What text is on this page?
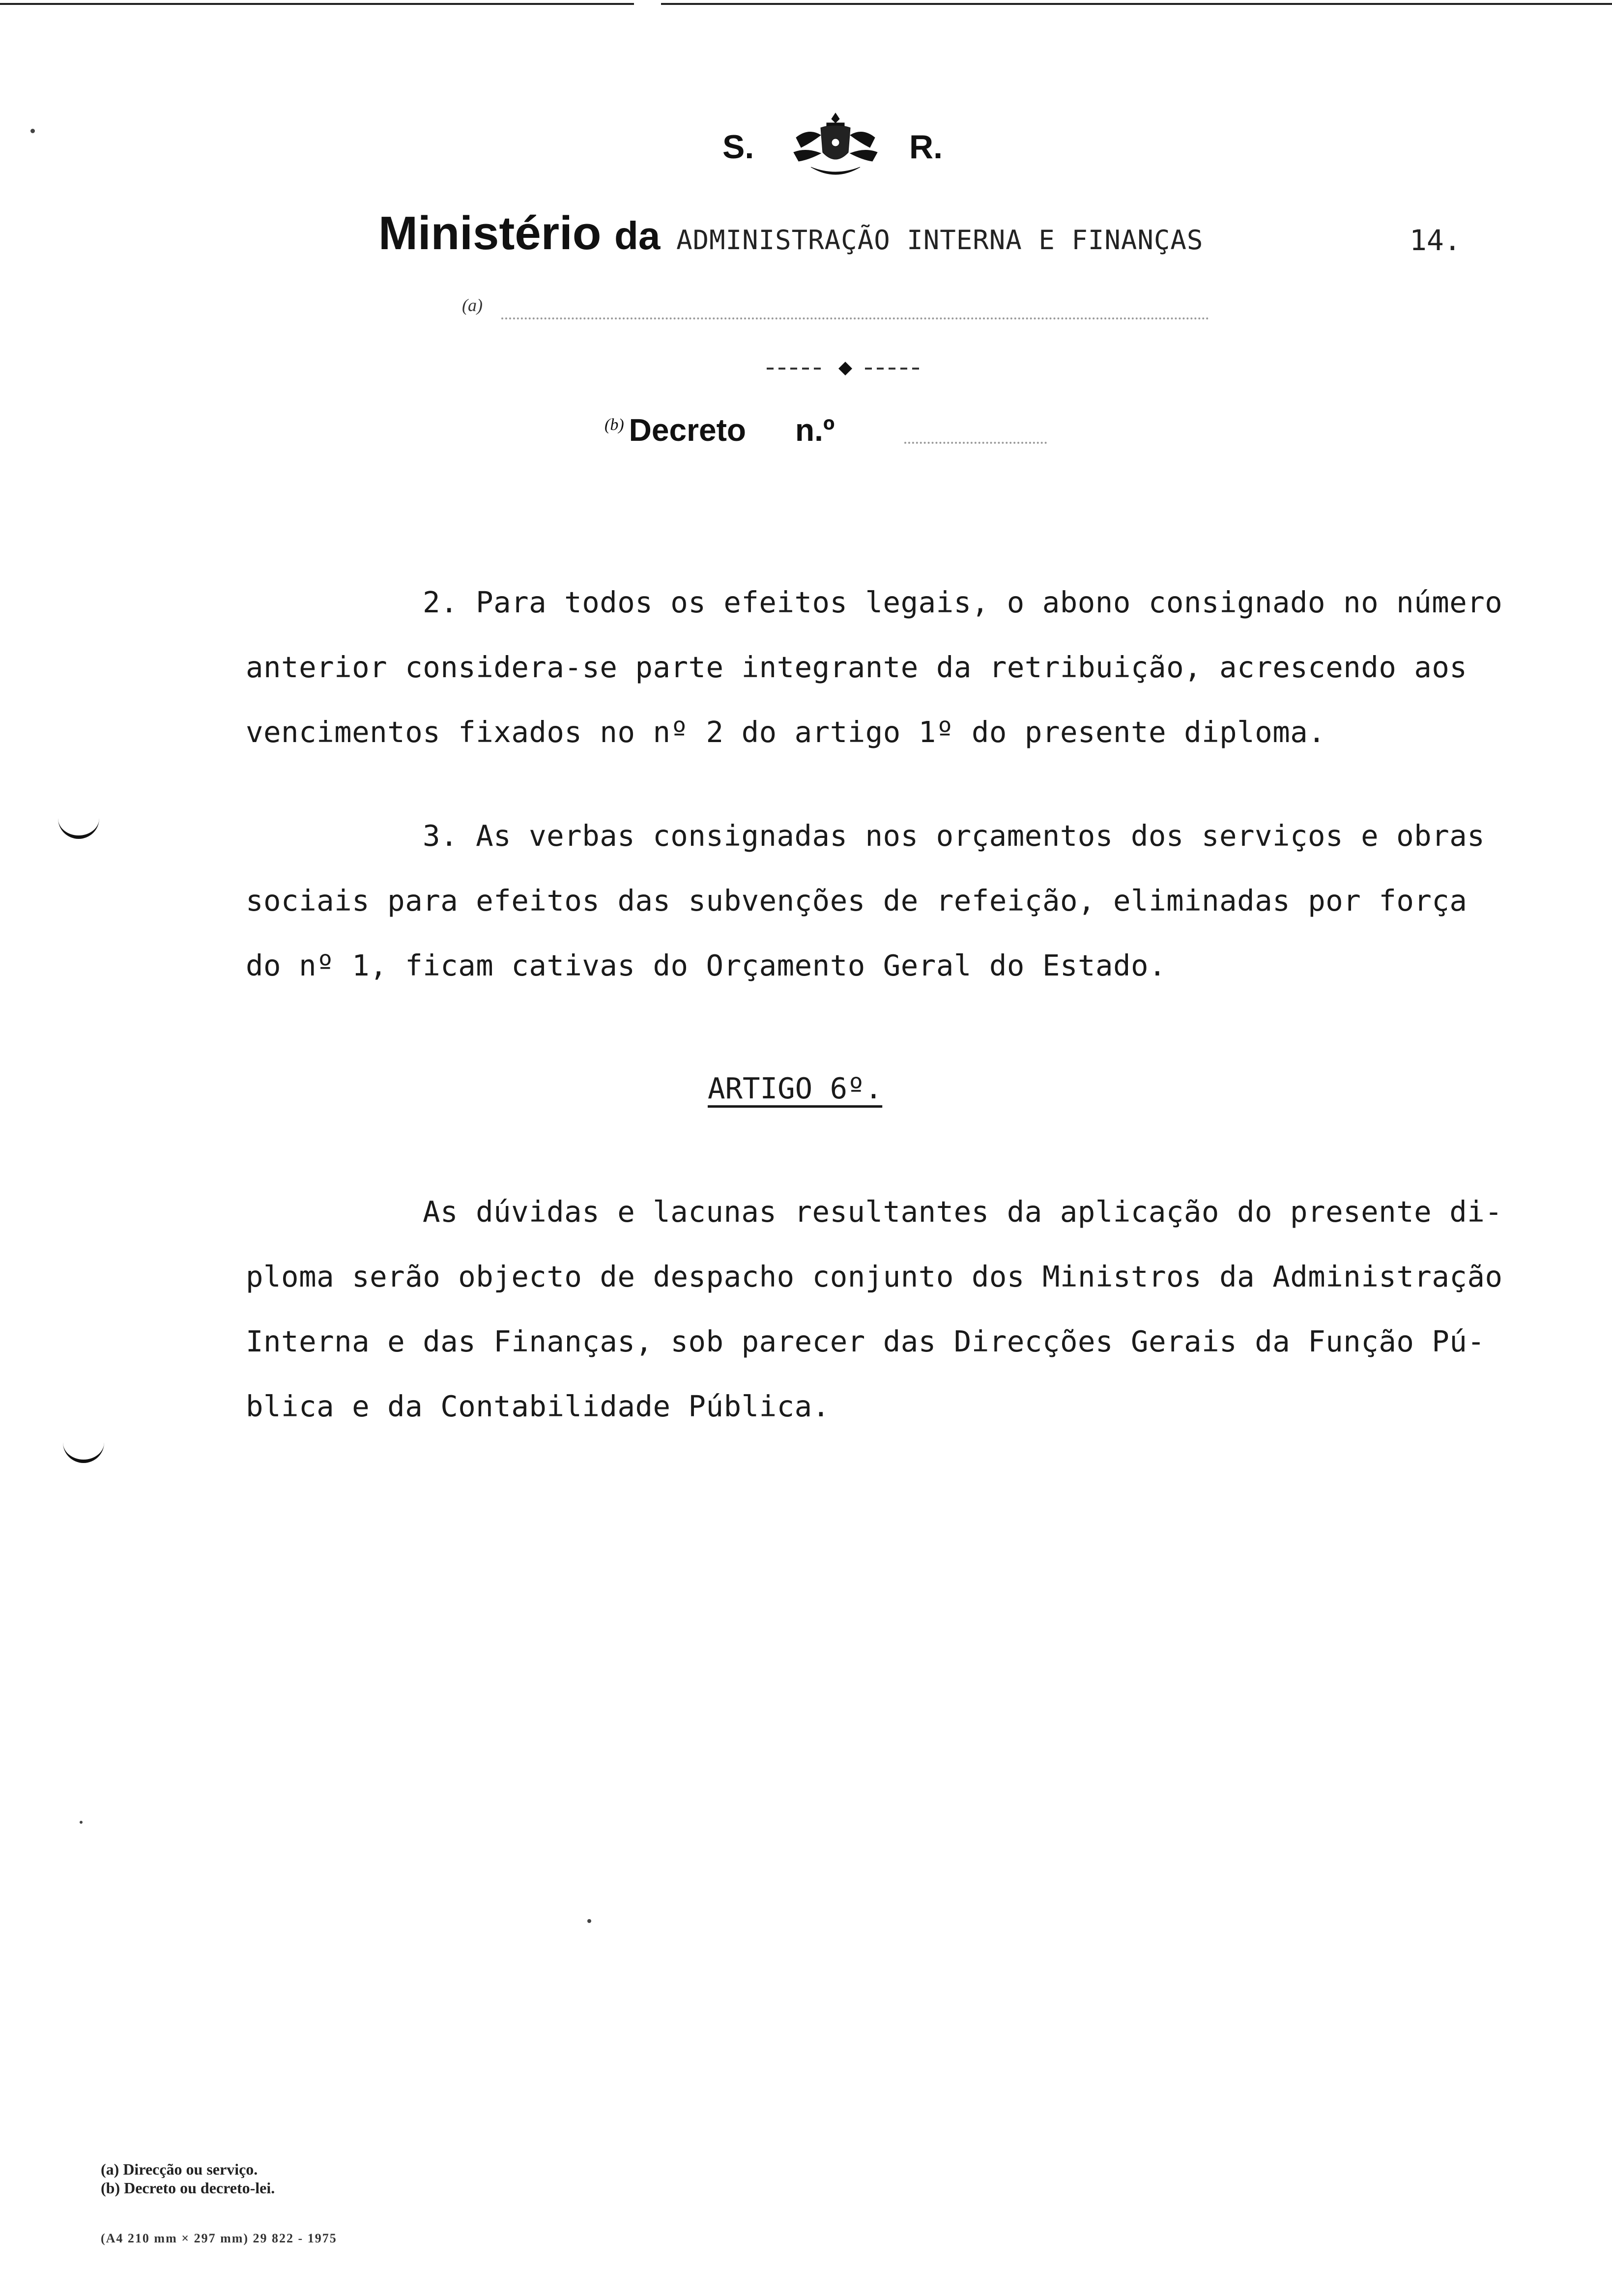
S.	R.
Ministério da ADMINISTRAÇÃO INTERNA E FINANÇAS	14.
(a)
$^{(b)}$ Decreto n.º
2. Para todos os efeitos legais, o abono consignado no número
anterior considera-se parte integrante da retribuição, acrescendo aos
vencimentos fixados no nº 2 do artigo 1º do presente diploma.
3. As verbas consignadas nos orçamentos dos serviços e obras
sociais para efeitos das subvenções de refeição, eliminadas por força
do nº 1, ficam cativas do Orçamento Geral do Estado.
ARTIGO 6º.
As dúvidas e lacunas resultantes da aplicação do presente di-
ploma serão objecto de despacho conjunto dos Ministros da Administração
Interna e das Finanças, sob parecer das Direcções Gerais da Função Pú-
blica e da Contabilidade Pública.
(a) Direcção ou serviço.
(b) Decreto ou decreto-lei.
(A4 210 mm × 297 mm) 29 822 - 1975
